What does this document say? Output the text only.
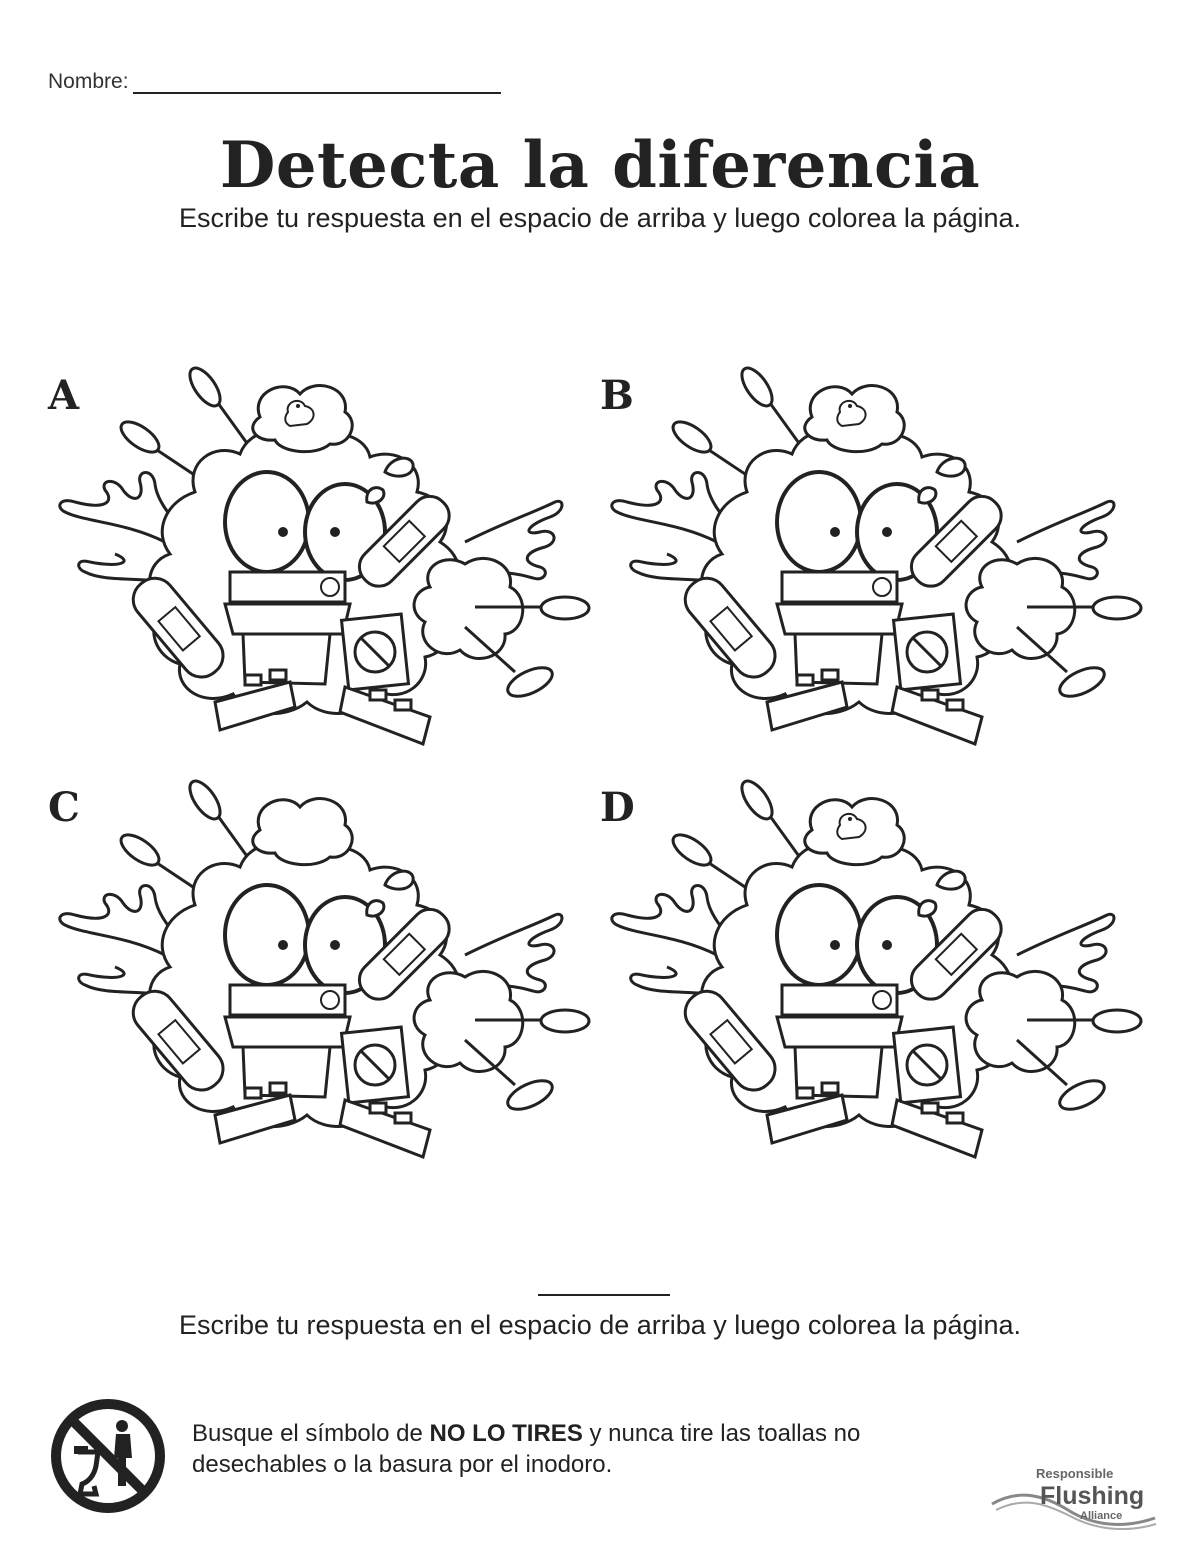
Nombre:
Detecta la diferencia
Escribe tu respuesta en el espacio de arriba y luego colorea la página.
A	B
C	D
Escribe tu respuesta en el espacio de arriba y luego colorea la página.
Busque el símbolo de NO LO TIRES y nunca tire las toallas no desechables o la basura por el inodoro.	Responsible
Flushing
Alliance
